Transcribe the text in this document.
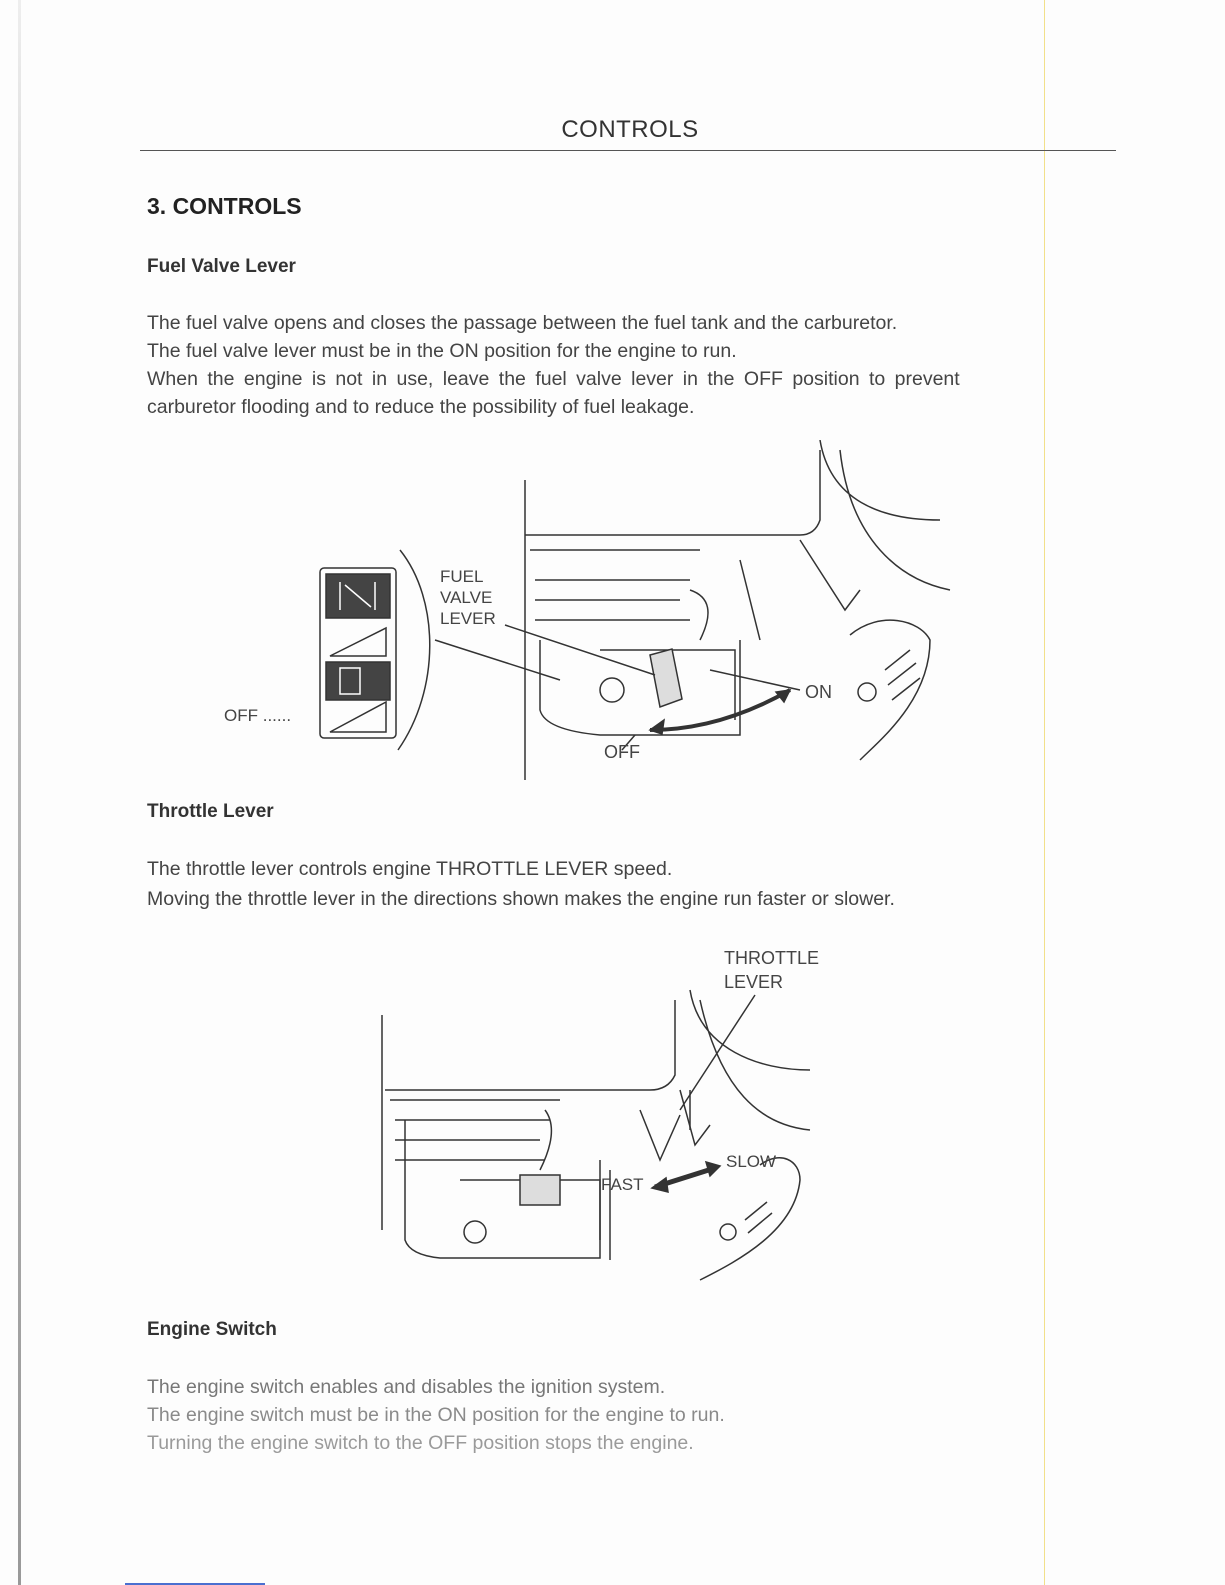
CONTROLS
3. CONTROLS
Fuel Valve Lever
The fuel valve opens and closes the passage between the fuel tank and the carburetor.
The fuel valve lever must be in the ON position for the engine to run.
When the engine is not in use, leave the fuel valve lever in the OFF position to prevent
carburetor flooding and to reduce the possibility of fuel leakage.
FUEL
VALVE
LEVER
OFF ......
OFF
ON
Throttle Lever
The throttle lever controls engine THROTTLE LEVER speed.
Moving the throttle lever in the directions shown makes the engine run faster or slower.
THROTTLE
LEVER
FAST
SLOW
Engine Switch
The engine switch enables and disables the ignition system.
The engine switch must be in the ON position for the engine to run.
Turning the engine switch to the OFF position stops the engine.
